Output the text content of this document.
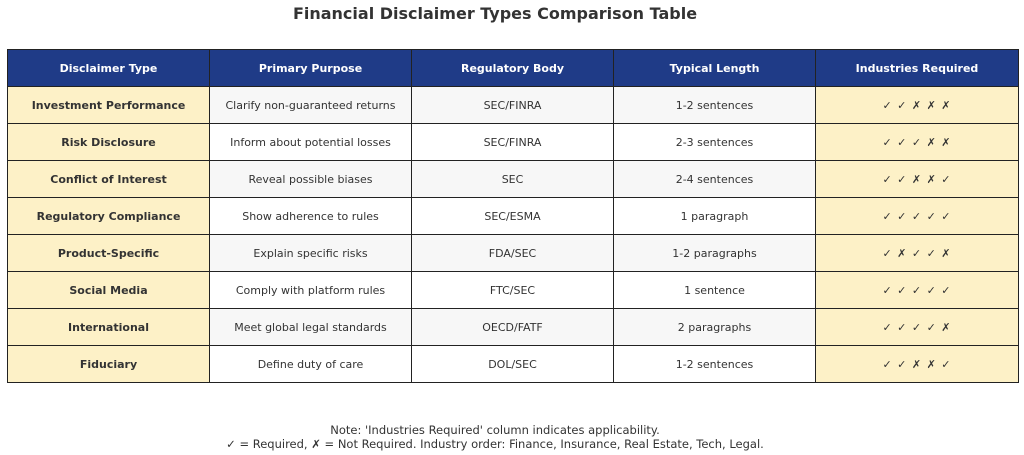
Financial Disclaimer Types Comparison Table
Disclaimer Type	Primary Purpose	Regulatory Body	Typical Length	Industries Required
Investment Performance	Clarify non-guaranteed returns	SEC/FINRA	1-2 sentences	✓ ✓ ✗ ✗ ✗
Risk Disclosure	Inform about potential losses	SEC/FINRA	2-3 sentences	✓ ✓ ✓ ✗ ✗
Conflict of Interest	Reveal possible biases	SEC	2-4 sentences	✓ ✓ ✗ ✗ ✓
Regulatory Compliance	Show adherence to rules	SEC/ESMA	1 paragraph	✓ ✓ ✓ ✓ ✓
Product-Specific	Explain specific risks	FDA/SEC	1-2 paragraphs	✓ ✗ ✓ ✓ ✗
Social Media	Comply with platform rules	FTC/SEC	1 sentence	✓ ✓ ✓ ✓ ✓
International	Meet global legal standards	OECD/FATF	2 paragraphs	✓ ✓ ✓ ✓ ✗
Fiduciary	Define duty of care	DOL/SEC	1-2 sentences	✓ ✓ ✗ ✗ ✓
Note: 'Industries Required' column indicates applicability.
✓ = Required, ✗ = Not Required. Industry order: Finance, Insurance, Real Estate, Tech, Legal.
